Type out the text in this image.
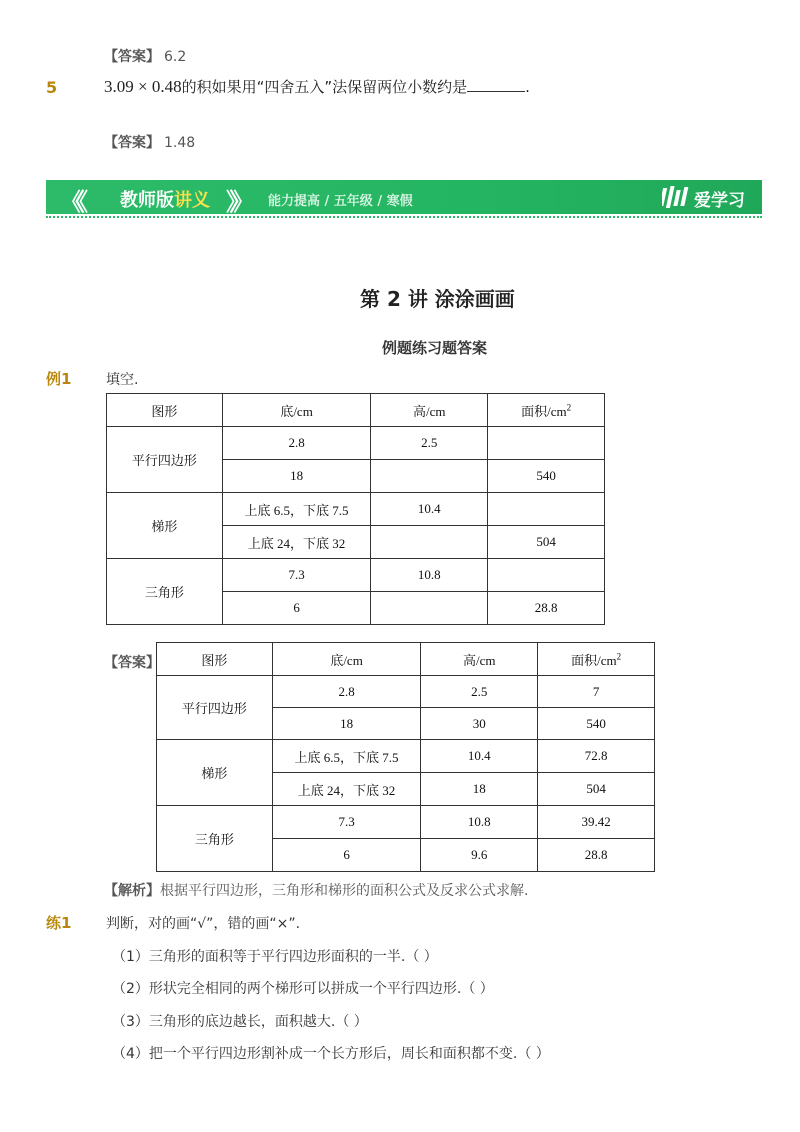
【答案】 6.2
5	3.09 × 0.48的积如果用“四舍五入”法保留两位小数约是	.
【答案】 1.48
《《 教师版讲义 》》 能力提高 / 五年级 / 寒假	爱学习
第 2 讲 涂涂画画
例题练习题答案
例1 填空.
图形	底/cm	高/cm	面积$/cm^2$
平行四边形	2.8	2.5	
	18		540
梯形	上底 6.5，下底 7.5	10.4	
	上底 24，下底 32		504
三角形	7.3	10.8	
	6		28.8
【答案】	图形	底/cm	高/cm	面积$/cm^2$
平行四边形	2.8	2.5	7
	18	30	540
梯形	上底 6.5，下底 7.5	10.4	72.8
	上底 24，下底 32	18	504
三角形	7.3	10.8	39.42
	6	9.6	28.8
【解析】根据平行四边形，三角形和梯形的面积公式及反求公式求解.
练1 判断，对的画“√”，错的画“×”.
（1）三角形的面积等于平行四边形面积的一半.（ ）
（2）形状完全相同的两个梯形可以拼成一个平行四边形.（ ）
（3）三角形的底边越长，面积越大.（ ）
（4）把一个平行四边形割补成一个长方形后，周长和面积都不变.（ ）
